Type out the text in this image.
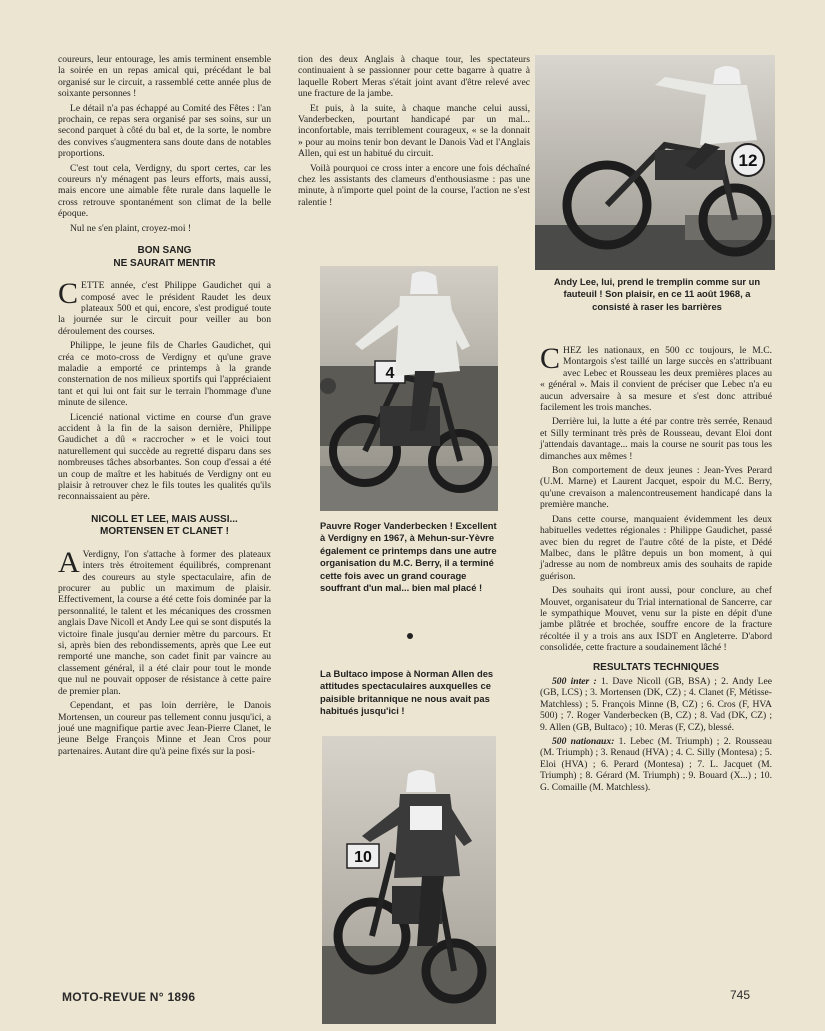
coureurs, leur entourage, les amis terminent ensemble la soirée en un repas amical qui, précédant le bal organisé sur le circuit, a rassemblé cette année plus de soixante personnes !

Le détail n'a pas échappé au Comité des Fêtes : l'an prochain, ce repas sera organisé par ses soins, sur un second parquet à côté du bal et, de la sorte, le nombre des convives s'augmentera sans doute dans de notables proportions.

C'est tout cela, Verdigny, du sport certes, car les coureurs n'y ménagent pas leurs efforts, mais aussi, mais encore une aimable fête rurale dans laquelle le cross retrouve spontanément son climat de la belle époque.

Nul ne s'en plaint, croyez-moi !

BON SANG
NE SAURAIT MENTIR

CETTE année, c'est Philippe Gaudichet qui a composé avec le président Raudet les deux plateaux 500 et qui, encore, s'est prodigué toute la journée sur le circuit pour veiller au bon déroulement des courses.

Philippe, le jeune fils de Charles Gaudichet, qui créa ce moto-cross de Verdigny et qu'une grave maladie a emporté ce printemps à la grande consternation de nos milieux sportifs qui l'appréciaient tant et qui lui ont fait sur le terrain l'hommage d'une minute de silence.

Licencié national victime en course d'un grave accident à la fin de la saison dernière, Philippe Gaudichet a dû « raccrocher » et le voici tout naturellement qui succède au regretté disparu dans ses nombreuses tâches absorbantes. Son coup d'essai a été un coup de maître et les habitués de Verdigny ont eu plaisir à retrouver chez le fils toutes les qualités qu'ils reconnaissaient au père.

NICOLL ET LEE, MAIS AUSSI...
MORTENSEN ET CLANET !

A Verdigny, l'on s'attache à former des plateaux inters très étroitement équilibrés, comprenant des coureurs au style spectaculaire, afin de procurer au public un maximum de plaisir. Effectivement, la course a été cette fois dominée par la personnalité, le talent et les mécaniques des crossmen anglais Dave Nicoll et Andy Lee qui se sont disputés la victoire finale jusqu'au dernier mètre du parcours. Et si, après bien des rebondissements, après que Lee eut remporté une manche, son cadet finit par vaincre au classement général, il a été clair pour tout le monde que nul ne pouvait opposer de résistance à cette paire de premier plan.

Cependant, et pas loin derrière, le Danois Mortensen, un coureur pas tellement connu jusqu'ici, a joué une magnifique partie avec Jean-Pierre Clanet, le jeune Belge François Minne et Jean Cros pour partenaires. Autant dire qu'à peine fixés sur la posi-

tion des deux Anglais à chaque tour, les spectateurs continuaient à se passionner pour cette bagarre à quatre à laquelle Robert Meras s'était joint avant d'être relevé avec une fracture de la jambe.

Et puis, à la suite, à chaque manche celui aussi, Vanderbecken, pourtant handicapé par un mal... inconfortable, mais terriblement courageux, « se la donnait » pour au moins tenir bon devant le Danois Vad et l'Anglais Allen, qui est un habitué du circuit.

Voilà pourquoi ce cross inter a encore une fois déchaîné chez les assistants des clameurs d'enthousiasme : pas une minute, à n'importe quel point de la course, l'action ne s'est ralentie !

12
Andy Lee, lui, prend le tremplin comme sur un fauteuil ! Son plaisir, en ce 11 août 1968, a consisté à raser les barrières
4
Pauvre Roger Vanderbecken ! Excellent à Verdigny en 1967, à Mehun-sur-Yèvre également ce printemps dans une autre organisation du M.C. Berry, il a terminé cette fois avec un grand courage souffrant d'un mal... bien mal placé !
La Bultaco impose à Norman Allen des attitudes spectaculaires auxquelles ce paisible britannique ne nous avait pas habitués jusqu'ici !
10

CHEZ les nationaux, en 500 cc toujours, le M.C. Montargois s'est taillé un large succès en s'attribuant avec Lebec et Rousseau les deux premières places au « général ». Mais il convient de préciser que Lebec n'a eu aucun adversaire à sa mesure et s'est donc attribué facilement les trois manches.

Derrière lui, la lutte a été par contre très serrée, Renaud et Silly terminant très près de Rousseau, devant Eloi dont j'attendais davantage... mais la course ne sourit pas tous les dimanches aux mêmes !

Bon comportement de deux jeunes : Jean-Yves Perard (U.M. Marne) et Laurent Jacquet, espoir du M.C. Berry, qu'une crevaison a malencontreusement handicapé dans la première manche.

Dans cette course, manquaient évidemment les deux habituelles vedettes régionales : Philippe Gaudichet, passé avec bien du regret de l'autre côté de la piste, et Dédé Malbec, dans le plâtre depuis un bon moment, à qui j'adresse au nom de nombreux amis des souhaits de rapide guérison.

Des souhaits qui iront aussi, pour conclure, au chef Mouvet, organisateur du Trial international de Sancerre, car le sympathique Mouvet, venu sur la piste en dépit d'une jambe plâtrée et brochée, souffre encore de la fracture récoltée il y a trois ans aux ISDT en Angleterre. D'abord consolidée, cette fracture a soudainement lâché !

RESULTATS TECHNIQUES

500 inter : 1. Dave Nicoll (GB, BSA) ; 2. Andy Lee (GB, LCS) ; 3. Mortensen (DK, CZ) ; 4. Clanet (F, Métisse-Matchless) ; 5. François Minne (B, CZ) ; 6. Cros (F, HVA 500) ; 7. Roger Vanderbecken (B, CZ) ; 8. Vad (DK, CZ) ; 9. Allen (GB, Bultaco) ; 10. Meras (F, CZ), blessé.

500 nationaux: 1. Lebec (M. Triumph) ; 2. Rousseau (M. Triumph) ; 3. Renaud (HVA) ; 4. C. Silly (Montesa) ; 5. Eloi (HVA) ; 6. Perard (Montesa) ; 7. L. Jacquet (M. Triumph) ; 8. Gérard (M. Triumph) ; 9. Bouard (X...) ; 10. G. Comaille (M. Matchless).

MOTO-REVUE N° 1896	745
